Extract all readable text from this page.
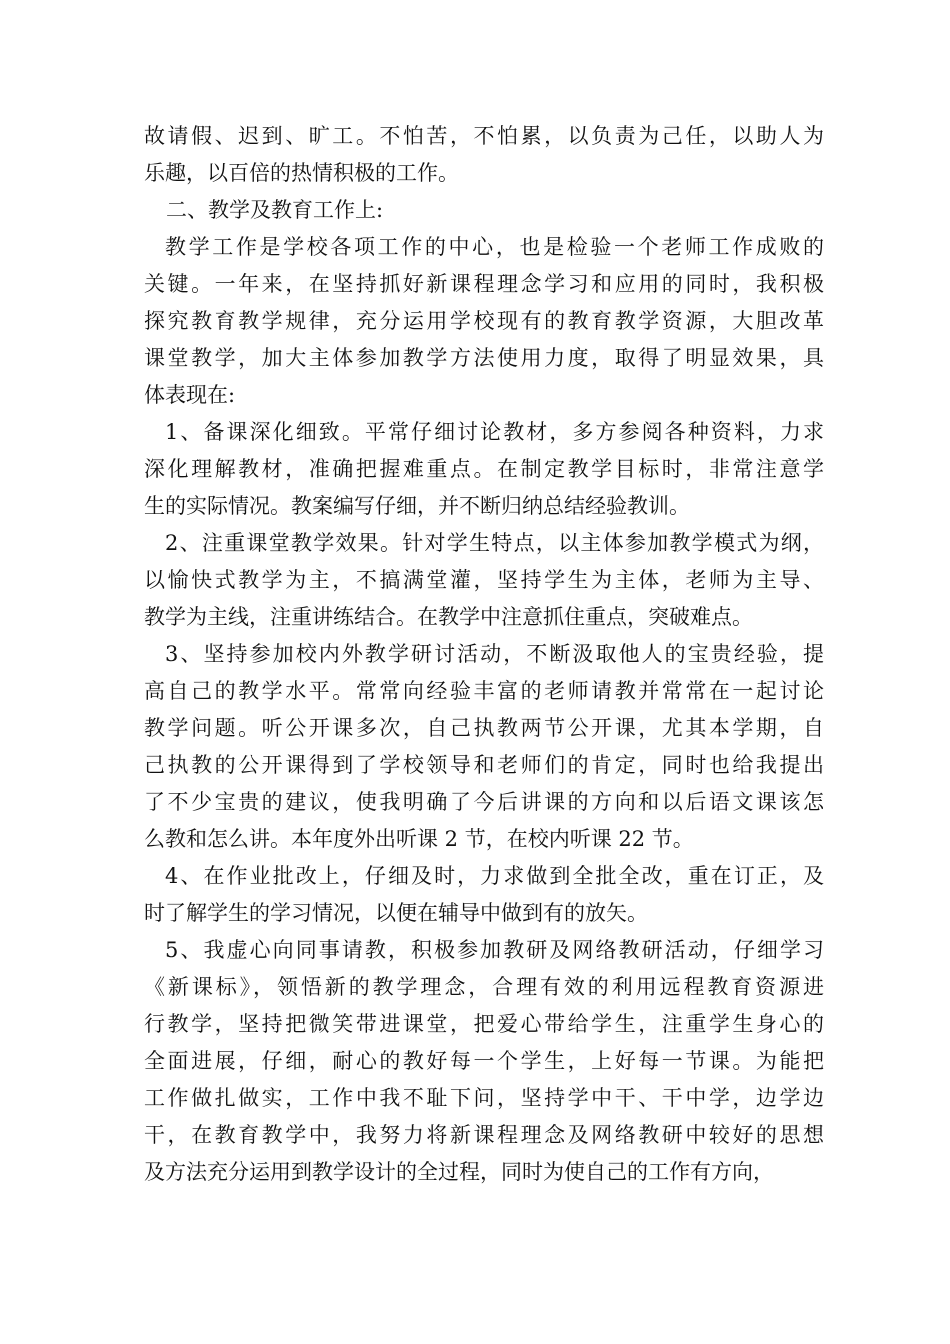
故请假、迟到、旷工。不怕苦，不怕累，以负责为己任，以助人为
乐趣，以百倍的热情积极的工作。
二、教学及教育工作上:
教学工作是学校各项工作的中心，也是检验一个老师工作成败的
关键。一年来，在坚持抓好新课程理念学习和应用的同时，我积极
探究教育教学规律，充分运用学校现有的教育教学资源，大胆改革
课堂教学，加大主体参加教学方法使用力度，取得了明显效果，具
体表现在:
1、备课深化细致。平常仔细讨论教材，多方参阅各种资料，力求
深化理解教材，准确把握难重点。在制定教学目标时，非常注意学
生的实际情况。教案编写仔细，并不断归纳总结经验教训。
2、注重课堂教学效果。针对学生特点，以主体参加教学模式为纲，
以愉快式教学为主，不搞满堂灌，坚持学生为主体，老师为主导、
教学为主线，注重讲练结合。在教学中注意抓住重点，突破难点。
3、坚持参加校内外教学研讨活动，不断汲取他人的宝贵经验，提
高自己的教学水平。常常向经验丰富的老师请教并常常在一起讨论
教学问题。听公开课多次，自己执教两节公开课，尤其本学期，自
己执教的公开课得到了学校领导和老师们的肯定，同时也给我提出
了不少宝贵的建议，使我明确了今后讲课的方向和以后语文课该怎
么教和怎么讲。本年度外出听课 2 节，在校内听课 22 节。
4、在作业批改上，仔细及时，力求做到全批全改，重在订正，及
时了解学生的学习情况，以便在辅导中做到有的放矢。
5、我虚心向同事请教，积极参加教研及网络教研活动，仔细学习
《新课标》，领悟新的教学理念，合理有效的利用远程教育资源进
行教学，坚持把微笑带进课堂，把爱心带给学生，注重学生身心的
全面进展，仔细，耐心的教好每一个学生，上好每一节课。为能把
工作做扎做实，工作中我不耻下问，坚持学中干、干中学，边学边
干，在教育教学中，我努力将新课程理念及网络教研中较好的思想
及方法充分运用到教学设计的全过程，同时为使自己的工作有方向，
